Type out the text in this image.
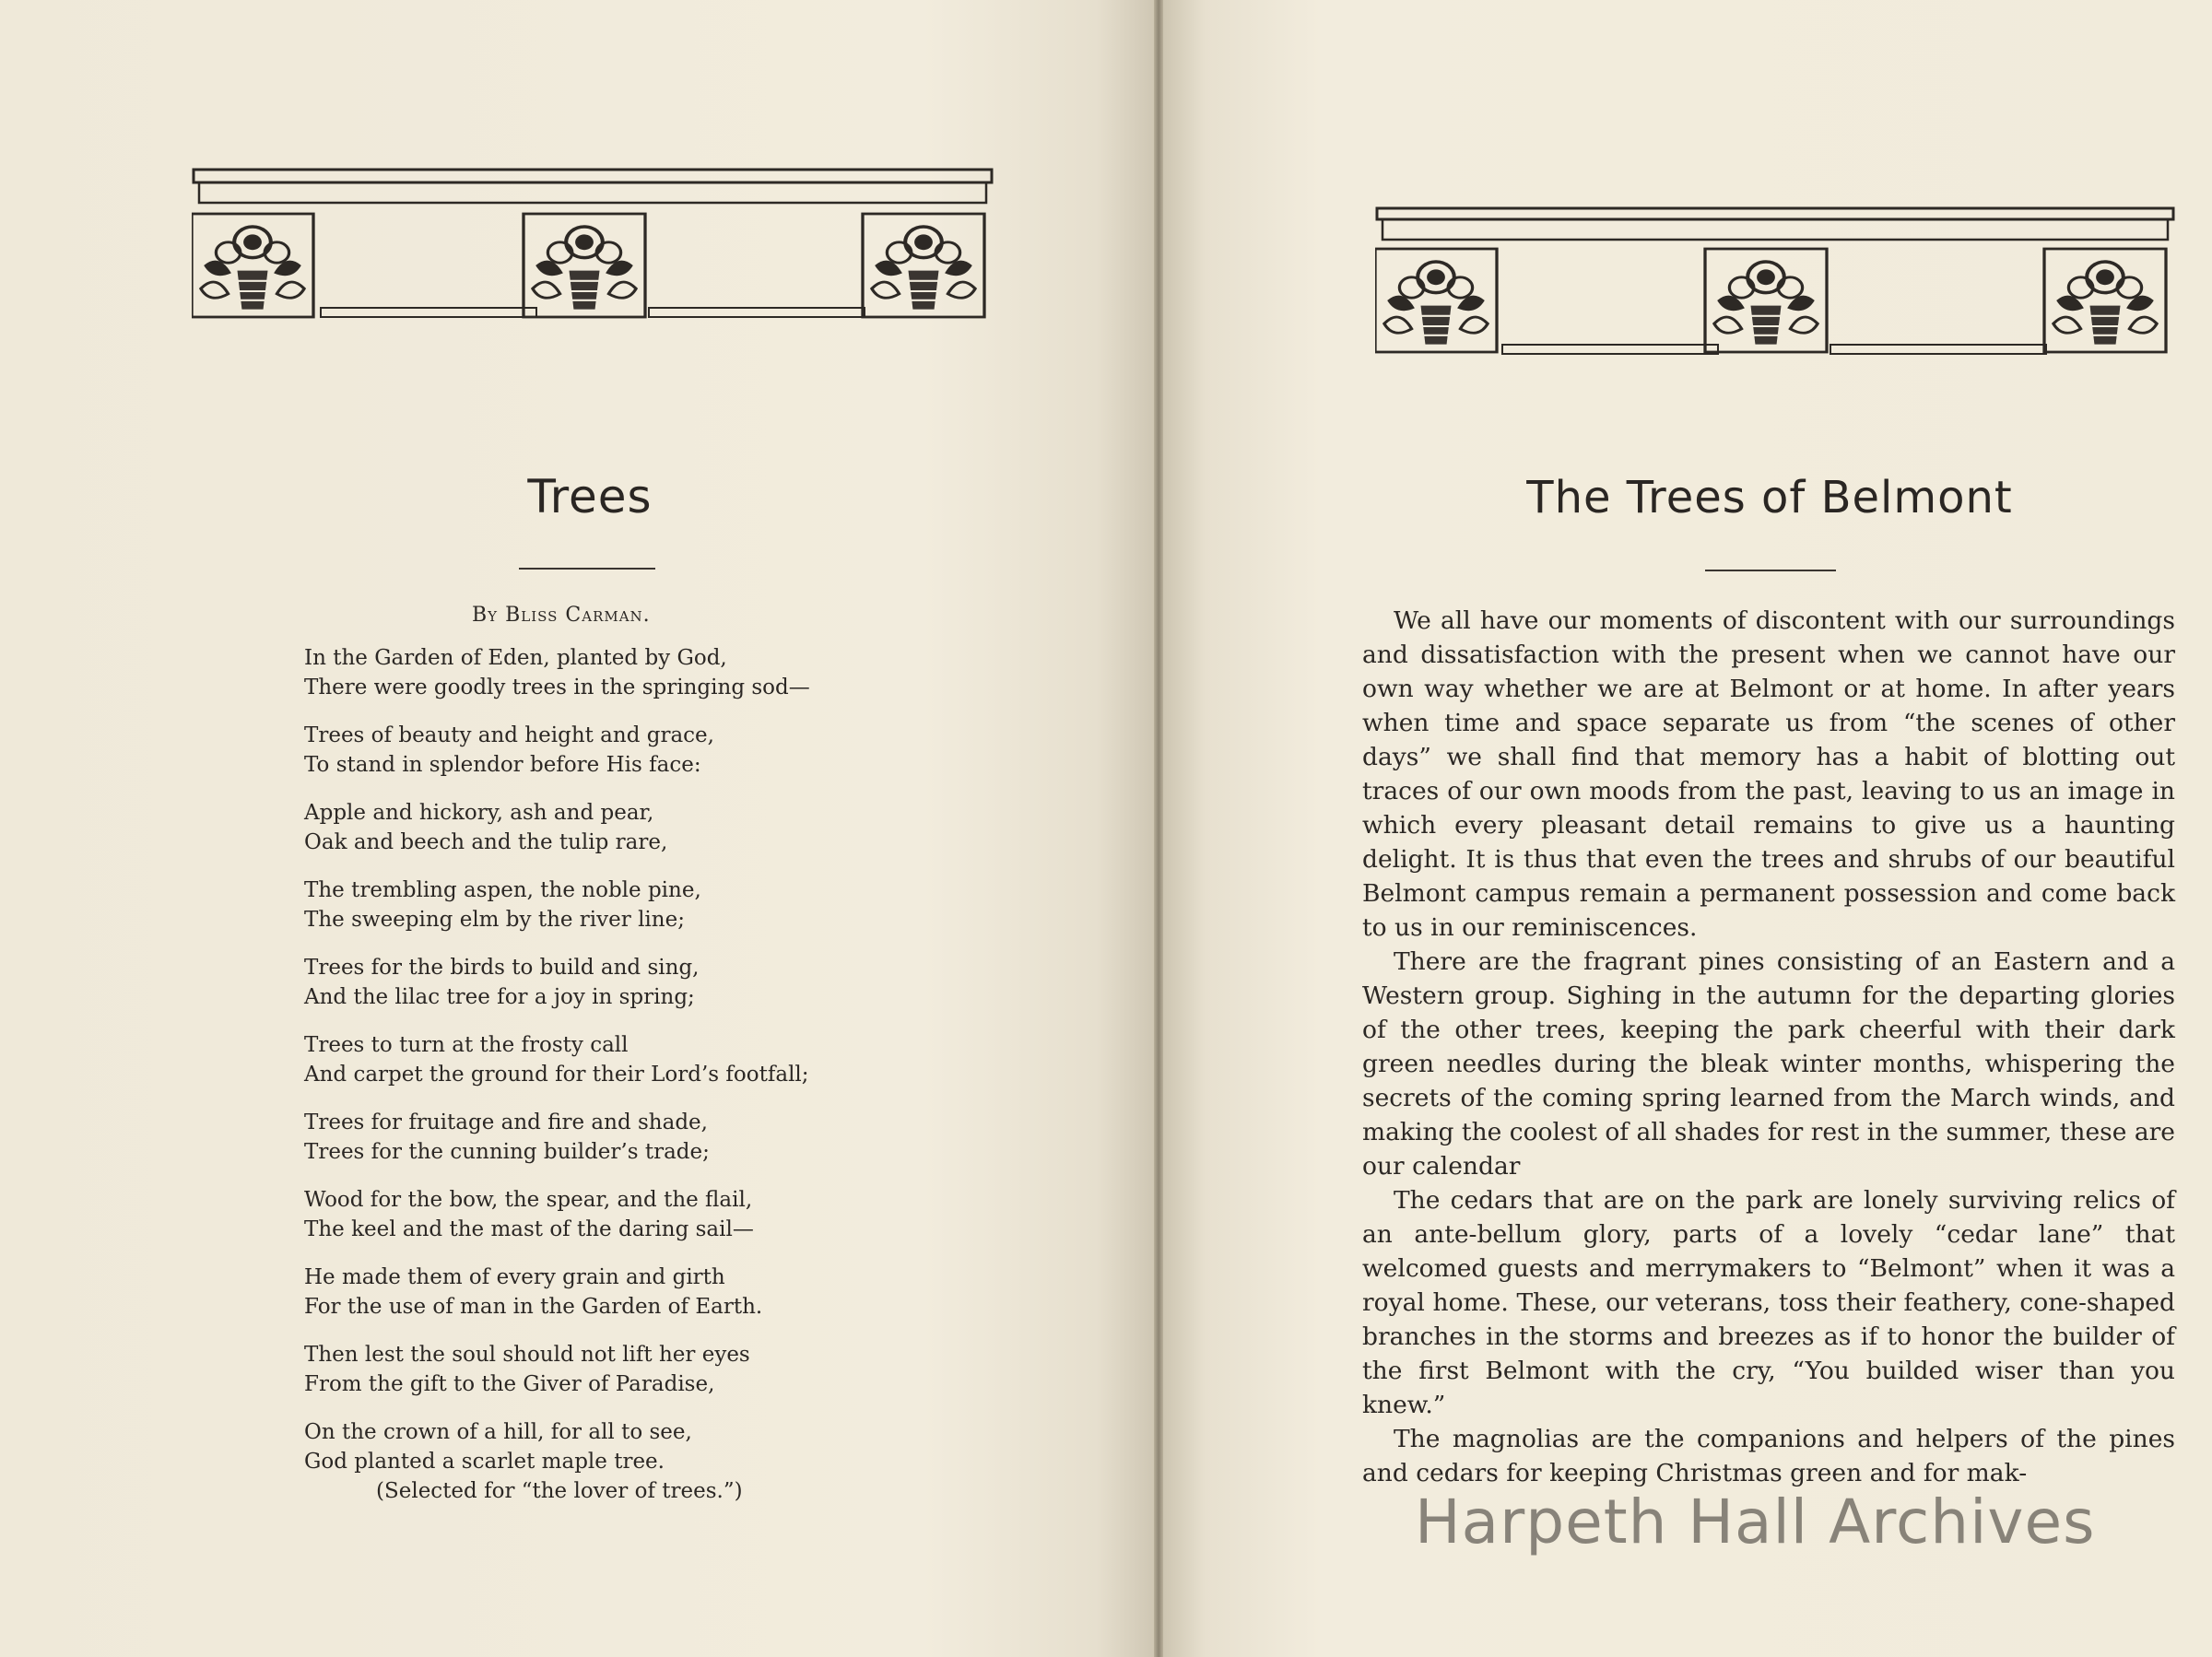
Trees

By Bliss Carman.

In the Garden of Eden, planted by God,

There were goodly trees in the springing sod—

Trees of beauty and height and grace,

To stand in splendor before His face:

Apple and hickory, ash and pear,

Oak and beech and the tulip rare,

The trembling aspen, the noble pine,

The sweeping elm by the river line;

Trees for the birds to build and sing,

And the lilac tree for a joy in spring;

Trees to turn at the frosty call

And carpet the ground for their Lord’s footfall;

Trees for fruitage and fire and shade,

Trees for the cunning builder’s trade;

Wood for the bow, the spear, and the flail,

The keel and the mast of the daring sail—

He made them of every grain and girth

For the use of man in the Garden of Earth.

Then lest the soul should not lift her eyes

From the gift to the Giver of Paradise,

On the crown of a hill, for all to see,

God planted a scarlet maple tree.

(Selected for “the lover of trees.”)

The Trees of Belmont

We all have our moments of discontent with our surroundings and dissatisfaction with the present when we cannot have our own way whether we are at Belmont or at home. In after years when time and space separate us from “the scenes of other days” we shall find that memory has a habit of blotting out traces of our own moods from the past, leaving to us an image in which every pleasant detail remains to give us a haunting delight. It is thus that even the trees and shrubs of our beautiful Belmont campus remain a permanent possession and come back to us in our reminiscences.

There are the fragrant pines consisting of an Eastern and a Western group. Sighing in the autumn for the departing glories of the other trees, keeping the park cheerful with their dark green needles during the bleak winter months, whispering the secrets of the coming spring learned from the March winds, and making the coolest of all shades for rest in the summer, these are our calendar

The cedars that are on the park are lonely surviving relics of an ante-bellum glory, parts of a lovely “cedar lane” that welcomed guests and merrymakers to “Belmont” when it was a royal home. These, our veterans, toss their feathery, cone-shaped branches in the storms and breezes as if to honor the builder of the first Belmont with the cry, “You builded wiser than you knew.”

The magnolias are the companions and helpers of the pines and cedars for keeping Christmas green and for mak-

Harpeth Hall Archives
